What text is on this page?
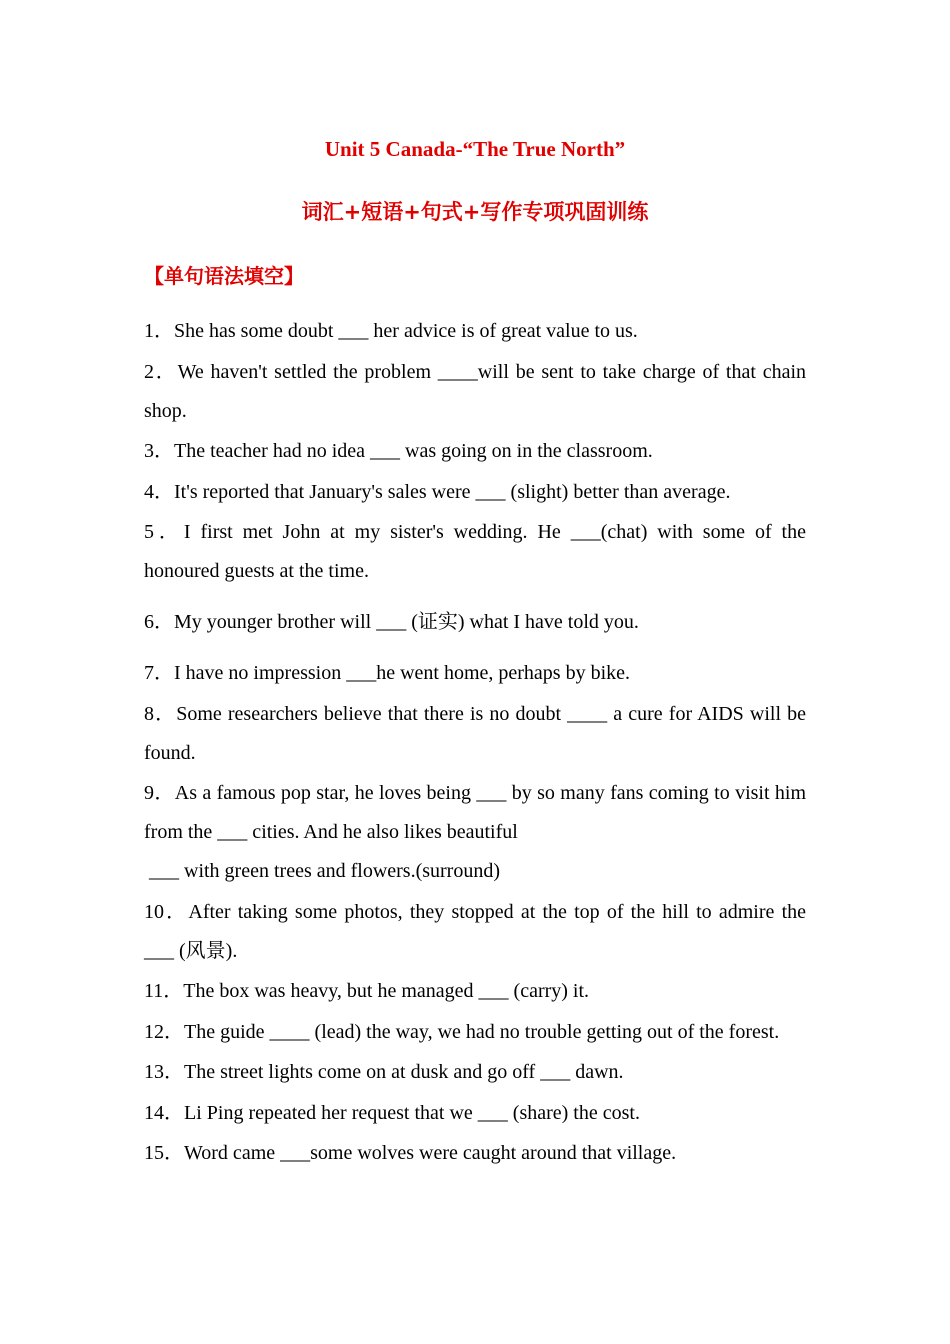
Unit 5 Canada-“The True North”
词汇+短语+句式+写作专项巩固训练
【单句语法填空】
1．She has some doubt ___ her advice is of great value to us.
2．We haven't settled the problem ____will be sent to take charge of that chain shop.
3．The teacher had no idea ___ was going on in the classroom.
4．It's reported that January's sales were ___ (slight) better than average.
5．I first met John at my sister's wedding. He ___(chat) with some of the honoured guests at the time.
6．My younger brother will ___ (证实) what I have told you.
7．I have no impression ___he went home, perhaps by bike.
8．Some researchers believe that there is no doubt ____ a cure for AIDS will be found.
9．As a famous pop star, he loves being ___ by so many fans coming to visit him from the ___ cities. And he also likes beautiful
___ with green trees and flowers.(surround)
10．After taking some photos, they stopped at the top of the hill to admire the ___ (风景).
11．The box was heavy, but he managed ___ (carry) it.
12．The guide ____ (lead) the way, we had no trouble getting out of the forest.
13．The street lights come on at dusk and go off ___ dawn.
14．Li Ping repeated her request that we ___ (share) the cost.
15．Word came ___some wolves were caught around that village.
